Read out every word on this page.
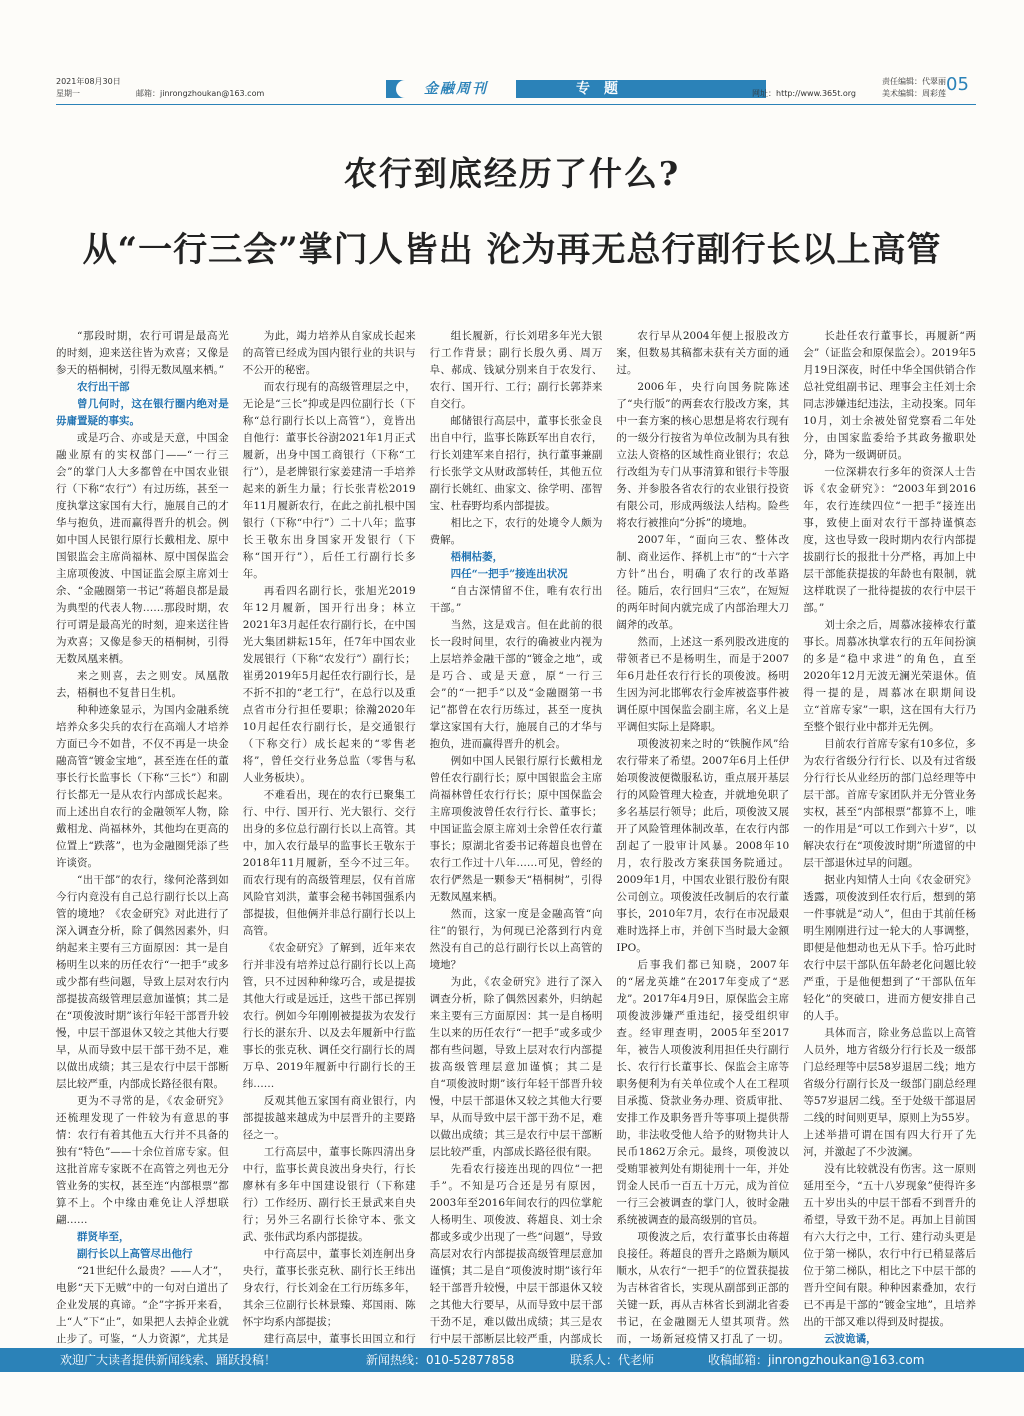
2021年08月30日
星期一	邮箱：jinrongzhoukan@163.com	金融周刊	专题	网址：http://www.365t.org
责任编辑：代翠丽
美术编辑：周彩莲 05
农行到底经历了什么?
从“一行三会”掌门人皆出 沦为再无总行副行长以上高管

“那段时期，农行可谓是最高光的时刻，迎来送往皆为欢喜；又像是参天的梧桐树，引得无数凤凰来栖。”

农行出干部

曾几何时，这在银行圈内绝对是毋庸置疑的事实。

或是巧合、亦或是天意，中国金融业原有的实权部门——“一行三会”的掌门人大多都曾在中国农业银行（下称“农行”）有过历练，甚至一度执掌这家国有大行，施展自己的才华与抱负，进而赢得晋升的机会。例如中国人民银行原行长戴相龙、原中国银监会主席尚福林、原中国保监会主席项俊波、中国证监会原主席刘士余、“金融圈第一书记”蒋超良都是最为典型的代表人物……那段时期，农行可谓是最高光的时刻，迎来送往皆为欢喜；又像是参天的梧桐树，引得无数凤凰来栖。

来之则喜，去之则安。凤凰散去，梧桐也不复昔日生机。

种种迹象显示，为国内金融系统培养众多尖兵的农行在高端人才培养方面已今不如昔，不仅不再是一块金融高管“镀金宝地”，甚至连在任的董事长行长监事长（下称“三长”）和副行长都无一是从农行内部成长起来。而上述出自农行的金融领军人物，除戴相龙、尚福林外，其他均在更高的位置上“跌落”，也为金融圈凭添了些许谈资。

“出干部”的农行，缘何沦落到如今行内竟没有自己总行副行长以上高管的境地？《农金研究》对此进行了深入调查分析，除了偶然因素外，归纳起来主要有三方面原因：其一是自杨明生以来的历任农行“一把手”或多或少都有些问题，导致上层对农行内部提拔高级管理层意加谨慎；其二是在“项俊波时期”该行年轻干部晋升较慢，中层干部退休又较之其他大行要早，从而导致中层干部干劲不足，难以做出成绩；其三是农行中层干部断层比较严重，内部成长路径很有限。

更为不寻常的是，《农金研究》还梳理发现了一件较为有意思的事情：农行有着其他五大行并不具备的独有“特色”——十余位首席专家。但这批首席专家既不在高管之列也无分管业务的实权，甚至连“内部根票”都算不上。个中缘由难免让人浮想联翩……

群贤毕至，

副行长以上高管尽出他行

“21世纪什么最贵？——人才”，电影“天下无贼”中的一句对白道出了企业发展的真谛。“企”字拆开来看，上“人”下“止”，如果把人去掉企业就止步了。可鉴，“人力资源”，尤其是

为此，竭力培养从自家成长起来的高管已经成为国内银行业的共识与不公开的秘密。

而农行现有的高级管理层之中，无论是“三长”抑或是四位副行长（下称“总行副行长以上高管”），竟皆出自他行：董事长谷澍2021年1月正式履新，出身中国工商银行（下称“工行”），是老牌银行家姜建清一手培养起来的新生力量；行长张青松2019年11月履新农行，在此之前扎根中国银行（下称“中行”）二十八年；监事长王敬东出身国家开发银行（下称“国开行”），后任工行副行长多年。

再看四名副行长，张旭光2019年12月履新，国开行出身；林立2021年3月起任农行副行长，在中国光大集团耕耘15年，任7年中国农业发展银行（下称“农发行”）副行长；崔勇2019年5月起任农行副行长，是不折不扣的“老工行”，在总行以及重点省市分行担任要职；徐瀚2020年10月起任农行副行长，是交通银行（下称交行）成长起来的“零售老将”，曾任交行业务总监（零售与私人业务板块）。

不难看出，现在的农行已聚集工行、中行、国开行、光大银行、交行出身的多位总行副行长以上高管。其中，加入农行最早的监事长王敬东于2018年11月履新，至今不过三年。而农行现有的高级管理层，仅有首席风险官刘洪，董事会秘书韩国强系内部提拔，但他俩并非总行副行长以上高管。

《农金研究》了解到，近年来农行并非没有培养过总行副行长以上高管，只不过因种种缘巧合，或是提拔其他大行或是远迁，这些干部已挥别农行。例如今年刚刚被提拔为农发行行长的湛东升、以及去年履新中行监事长的张克秋、调任交行副行长的周万阜、2019年履新中行副行长的王纬……

反观其他五家国有商业银行，内部提拔越来越成为中层晋升的主要路径之一。

工行高层中，董事长陈四清出身中行，监事长黄良波出身央行，行长廖林有多年中国建设银行（下称建行）工作经历、副行长王景武来自央行；另外三名副行长徐守本、张文武、张伟武均系内部提拔。

中行高层中，董事长刘连舸出身央行，董事长张克秋、副行长王纬出身农行，行长刘金在工行历练多年，其余三位副行长林景臻、郑国雨、陈怀宇均系内部提拔；

建行高层中，董事长田国立和行

组长履新，行长刘珺多年光大银行工作背景；副行长殷久勇、周万阜、郝成、钱斌分别来自于农发行、农行、国开行、工行；副行长郭莽来自交行。

邮储银行高层中，董事长张金良出自中行，监事长陈跃军出自农行，行长刘建军来自招行，执行董事兼副行长张学文从财政部转任，其他五位副行长姚红、曲家文、徐学明、邵智宝、杜春野均系内部提拔。

相比之下，农行的处境令人颇为费解。

梧桐枯萎，

四任“一把手”接连出状况

“自古深情留不住，唯有农行出干部。”

当然，这是戏言。但在此前的很长一段时间里，农行的确被业内视为上层培养金融干部的“镀金之地”，或是巧合、或是天意，原“一行三会”的“一把手”以及“金融圈第一书记”都曾在农行历练过，甚至一度执掌这家国有大行，施展自己的才华与抱负，进而赢得晋升的机会。

例如中国人民银行原行长戴相龙曾任农行副行长；原中国银监会主席尚福林曾任农行行长；原中国保监会主席项俊波曾任农行行长、董事长；中国证监会原主席刘士余曾任农行董事长；原湖北省委书记蒋超良也曾在农行工作过十八年……可见，曾经的农行俨然是一颗参天“梧桐树”，引得无数凤凰来栖。

然而，这家一度是金融高管“向往”的银行，为何现已沦落到行内竟然没有自己的总行副行长以上高管的境地？

为此，《农金研究》进行了深入调查分析，除了偶然因素外，归纳起来主要有三方面原因：其一是自杨明生以来的历任农行“一把手”或多或少都有些问题，导致上层对农行内部提拔高级管理层意加谨慎；其二是自“项俊波时期”该行年轻干部晋升较慢，中层干部退休又较之其他大行要早，从而导致中层干部干劲不足，难以做出成绩；其三是农行中层干部断层比较严重，内部成长路径很有限。

先看农行接连出现的四位“一把手”。不知是巧合还是另有原因，2003年至2016年间农行的四位掌舵人杨明生、项俊波、蒋超良、刘士余都或多或少出现了一些“问题”，导致高层对农行内部提拔高级管理层意加谨慎；其二是自“项俊波时期”该行年轻干部晋升较慢，中层干部退休又较之其他大行要早，从而导致中层干部干劲不足，难以做出成绩；其三是农行中层干部断层比较严重，内部成长

农行早从2004年便上报股改方案，但数易其稿都未获有关方面的通过。

2006年，央行向国务院陈述了“央行版”的两套农行股改方案，其中一套方案的核心思想是将农行现有的一级分行按省为单位改制为具有独立法人资格的区域性商业银行；农总行改组为专门从事清算和银行卡等服务、并参股各省农行的农业银行投资有限公司，形成两级法人结构。险些将农行被推向“分拆”的境地。

2007年，“面向三农、整体改制、商业运作、择机上市”的“十六字方针”出台，明确了农行的改革路径。随后，农行回归“三农”，在短短的两年时间内就完成了内部治理大刀阔斧的改革。

然而，上述这一系列股改进度的带领者已不是杨明生，而是于2007年6月赴任农行行长的项俊波。杨明生因为河北邯郸农行金库被盗事件被调任原中国保监会副主席，名义上是平调但实际上是降职。

项俊波初来之时的“铁腕作风”给农行带来了希望。2007年6月上任伊始项俊波便微服私访，重点展开基层行的风险管理大检查，并就地免职了多名基层行领导；此后，项俊波又展开了风险管理体制改革，在农行内部刮起了一股审计风暴。2008年10月，农行股改方案获国务院通过。2009年1月，中国农业银行股份有限公司创立。项俊波任改制后的农行董事长，2010年7月，农行在市况最艰难时选择上市，并创下当时最大金额IPO。

后事我们都已知晓，2007年的“屠龙英雄”在2017年变成了“恶龙”。2017年4月9日，原保监会主席项俊波涉嫌严重违纪，接受组织审查。经审理查明，2005年至2017年，被告人项俊波利用担任央行副行长、农行行长董事长、保监会主席等职务便利为有关单位或个人在工程项目承揽、贷款业务办理、资质审批、安排工作及职务晋升等事项上提供帮助，非法收受他人给予的财物共计人民币1862万余元。最终，项俊波以受贿罪被判处有期徒刑十一年，并处罚金人民币一百五十万元，成为首位一行三会被调查的掌门人，彼时金融系统被调查的最高级别的官员。

项俊波之后，农行董事长由蒋超良接任。蒋超良的晋升之路颇为顺风顺水，从农行“一把手”的位置获提拔为吉林省省长，实现从副部到正部的关键一跃，再从吉林省长到湖北省委书记，在金融圈无人望其项背。然而，一场新冠疫情又打乱了一切。

长赴任农行董事长，再履新“两会”（证监会和原保监会）。2019年5月19日深夜，时任中华全国供销合作总社党组副书记、理事会主任刘士余同志涉嫌违纪违法，主动投案。同年10月，刘士余被处留党察看二年处分，由国家监委给予其政务撤职处分，降为一级调研员。

一位深耕农行多年的资深人士告诉《农金研究》：“2003年到2016年，农行连续四位“一把手”接连出事，致使上面对农行干部持谨慎态度，这也导致一段时期内农行内部提拔副行长的报批十分严格，再加上中层干部能获提拔的年龄也有限制，就这样耽误了一批待提拔的农行中层干部。”

刘士余之后，周慕冰接棒农行董事长。周慕冰执掌农行的五年间扮演的多是“稳中求进”的角色，直至2020年12月无波无澜光荣退休。值得一提的是，周慕冰在职期间设立“首席专家”一职，这在国有大行乃至整个银行业中都并无先例。

目前农行首席专家有10多位，多为农行省级分行行长、以及有过省级分行行长从业经历的部门总经理等中层干部。首席专家团队并无分管业务实权，甚至“内部根票”都算不上，唯一的作用是“可以工作到六十岁”，以解决农行在“项俊波时期”所遗留的中层干部退休过早的问题。

据业内知情人士向《农金研究》透露，项俊波到任农行后，想到的第一件事就是“动人”，但由于其前任杨明生刚刚进行过一轮大的人事调整，即便是他想动也无从下手。恰巧此时农行中层干部队伍年龄老化问题比较严重，于是他便想到了“干部队伍年轻化”的突破口，进而方便安排自己的人手。

具体而言，除业务总监以上高管人员外，地方省级分行行长及一级部门总经理等中层58岁退居二线；地方省级分行副行长及一级部门副总经理等57岁退居二线。至于处级干部退居二线的时间则更早，原则上为55岁。上述举措可谓在国有四大行开了先河，并激起了不少波澜。

没有比较就没有伤害。这一原则延用至今，“五十八岁现象”使得许多五十岁出头的中层干部看不到晋升的希望，导致干劲不足。再加上目前国有六大行之中，工行、建行动头更是位于第一梯队，农行中行已稍显落后位于第二梯队，相比之下中层干部的晋升空间有限。种种因素叠加，农行已不再是干部的“镀金宝地”，且培养出的干部又难以得到及时提拔。

云波诡谲，

欢迎广大读者提供新闻线索、踊跃投稿！	新闻热线：010-52877858	联系人：代老师	收稿邮箱：jinrongzhoukan@163.com
